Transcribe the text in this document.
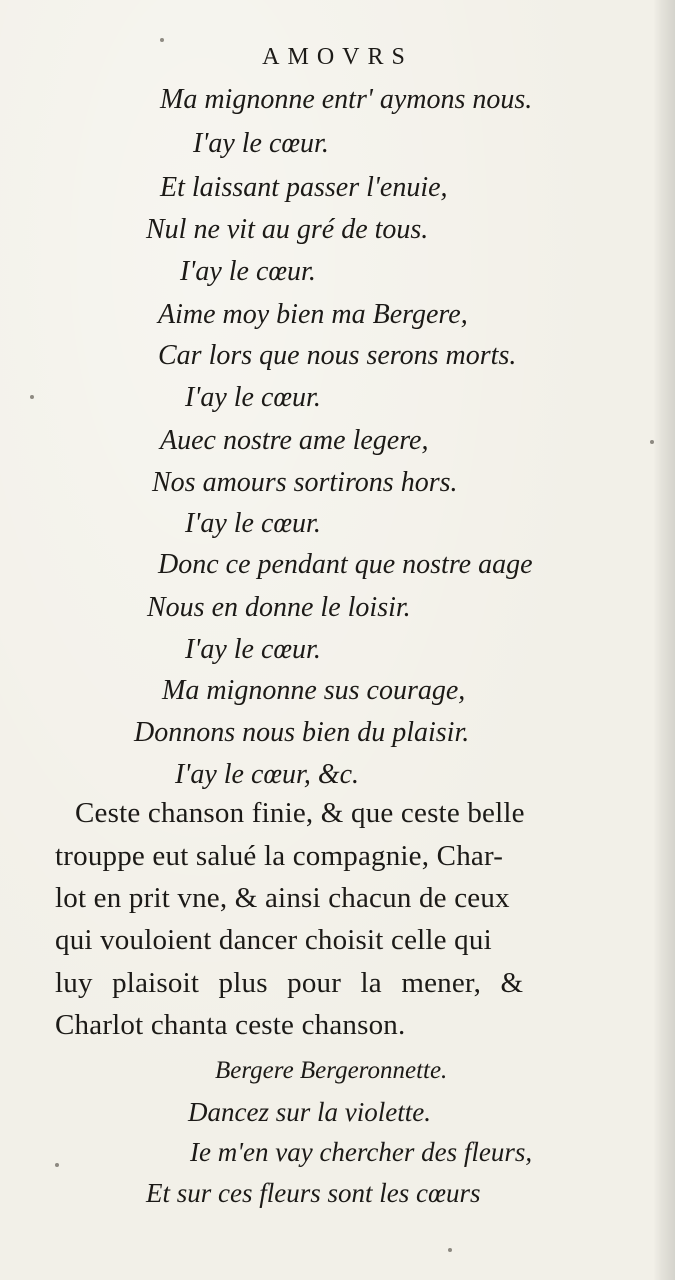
AMOVRS
Ma mignonne entr' aymons nous.
I'ay le cœur.
Et laissant passer l'enuie,
Nul ne vit au gré de tous.
I'ay le cœur.
Aime moy bien ma Bergere,
Car lors que nous serons morts.
I'ay le cœur.
Auec nostre ame legere,
Nos amours sortirons hors.
I'ay le cœur.
Donc ce pendant que nostre aage
Nous en donne le loisir.
I'ay le cœur.
Ma mignonne sus courage,
Donnons nous bien du plaisir.
I'ay le cœur, &c.
Ceste chanson finie, & que ceste belle
trouppe eut salué la compagnie, Char-
lot en prit vne, & ainsi chacun de ceux
qui vouloient dancer choisit celle qui
luy plaisoit plus pour la mener, &
Charlot chanta ceste chanson.
Bergere Bergeronnette.
Dancez sur la violette.
Ie m'en vay chercher des fleurs,
Et sur ces fleurs sont les cœurs
